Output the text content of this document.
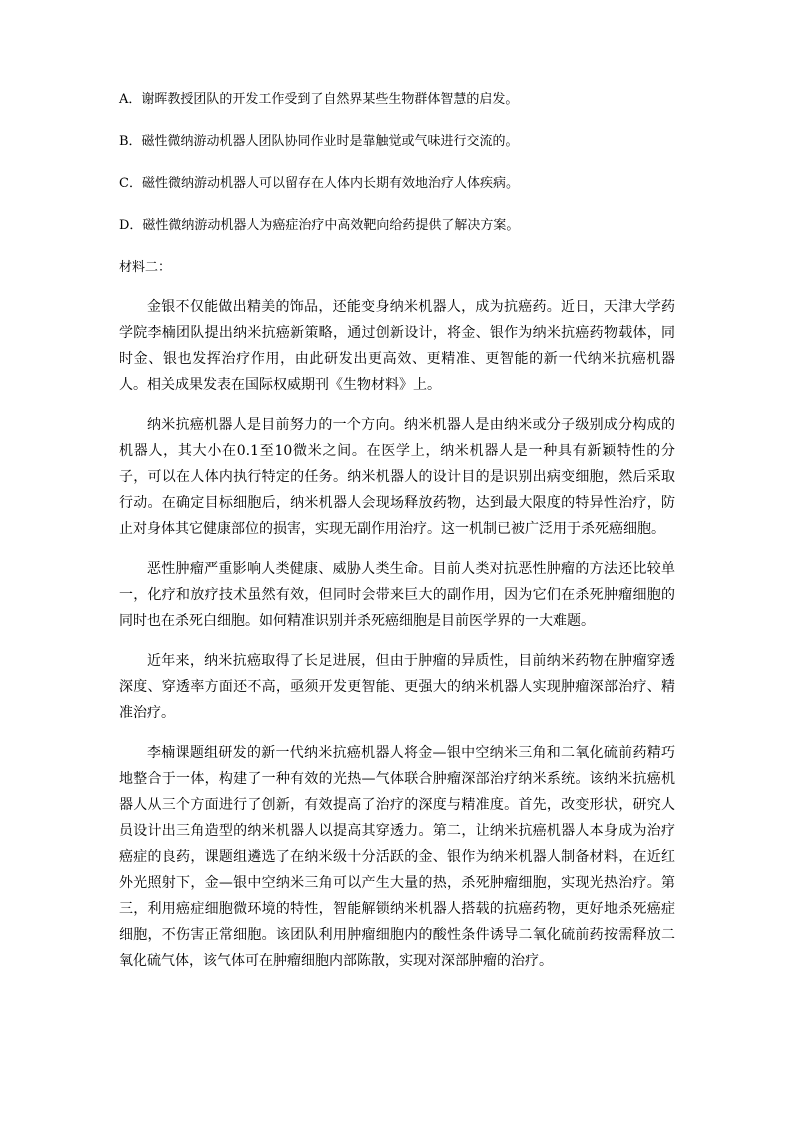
A．谢晖教授团队的开发工作受到了自然界某些生物群体智慧的启发。
B．磁性微纳游动机器人团队协同作业时是靠触觉或气味进行交流的。
C．磁性微纳游动机器人可以留存在人体内长期有效地治疗人体疾病。
D．磁性微纳游动机器人为癌症治疗中高效靶向给药提供了解决方案。
材料二：

金银不仅能做出精美的饰品，还能变身纳米机器人，成为抗癌药。近日，天津大学药学院李楠团队提出纳米抗癌新策略，通过创新设计，将金、银作为纳米抗癌药物载体，同时金、银也发挥治疗作用，由此研发出更高效、更精准、更智能的新一代纳米抗癌机器人。相关成果发表在国际权威期刊《生物材料》上。

纳米抗癌机器人是目前努力的一个方向。纳米机器人是由纳米或分子级别成分构成的机器人，其大小在0.1至10微米之间。在医学上，纳米机器人是一种具有新颖特性的分子，可以在人体内执行特定的任务。纳米机器人的设计目的是识别出病变细胞，然后采取行动。在确定目标细胞后，纳米机器人会现场释放药物，达到最大限度的特异性治疗，防止对身体其它健康部位的损害，实现无副作用治疗。这一机制已被广泛用于杀死癌细胞。

恶性肿瘤严重影响人类健康、威胁人类生命。目前人类对抗恶性肿瘤的方法还比较单一，化疗和放疗技术虽然有效，但同时会带来巨大的副作用，因为它们在杀死肿瘤细胞的同时也在杀死白细胞。如何精准识别并杀死癌细胞是目前医学界的一大难题。

近年来，纳米抗癌取得了长足进展，但由于肿瘤的异质性，目前纳米药物在肿瘤穿透深度、穿透率方面还不高，亟须开发更智能、更强大的纳米机器人实现肿瘤深部治疗、精准治疗。

李楠课题组研发的新一代纳米抗癌机器人将金—银中空纳米三角和二氧化硫前药精巧地整合于一体，构建了一种有效的光热—气体联合肿瘤深部治疗纳米系统。该纳米抗癌机器人从三个方面进行了创新，有效提高了治疗的深度与精准度。首先，改变形状，研究人员设计出三角造型的纳米机器人以提高其穿透力。第二，让纳米抗癌机器人本身成为治疗癌症的良药，课题组遴选了在纳米级十分活跃的金、银作为纳米机器人制备材料，在近红外光照射下，金—银中空纳米三角可以产生大量的热，杀死肿瘤细胞，实现光热治疗。第三，利用癌症细胞微环境的特性，智能解锁纳米机器人搭载的抗癌药物，更好地杀死癌症细胞，不伤害正常细胞。该团队利用肿瘤细胞内的酸性条件诱导二氧化硫前药按需释放二氧化硫气体，该气体可在肿瘤细胞内部陈散，实现对深部肿瘤的治疗。
